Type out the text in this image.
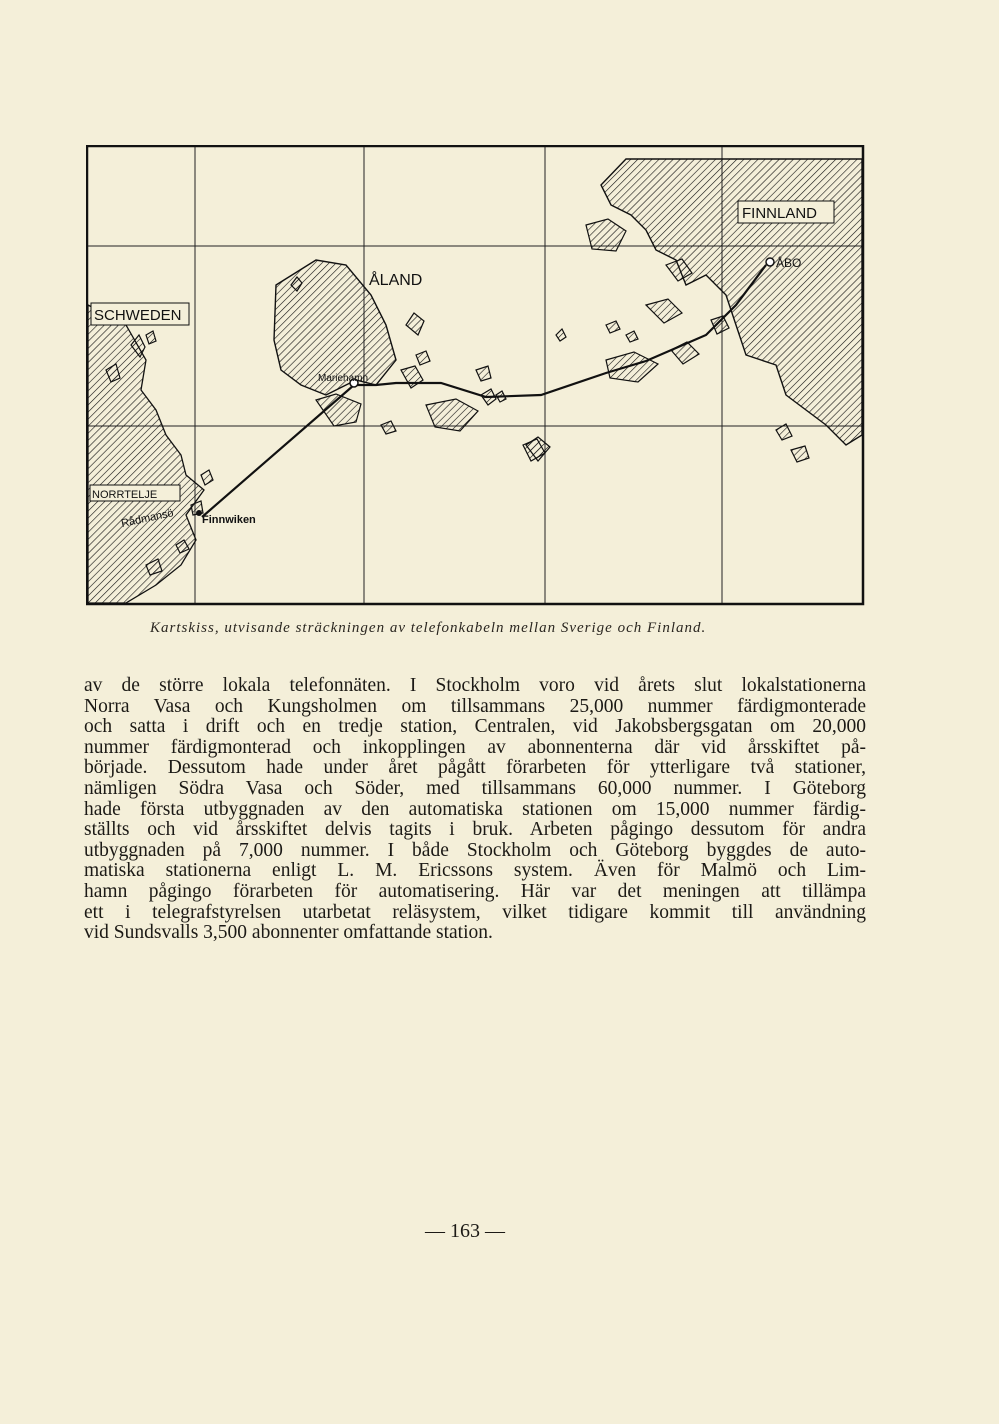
SCHWEDEN
ÅLAND
FINNLAND
ÅBO
Mariehamn
NORRTELJE
Rådmansö Finnwiken
Kartskiss, utvisande sträckningen av telefonkabeln mellan Sverige och Finland.

av de större lokala telefonnäten. I Stockholm voro vid årets slut lokalstationerna
Norra Vasa och Kungsholmen om tillsammans 25,000 nummer färdigmonterade
och satta i drift och en tredje station, Centralen, vid Jakobsbergsgatan om 20,000
nummer färdigmonterad och inkopplingen av abonnenterna där vid årsskiftet på-
började. Dessutom hade under året pågått förarbeten för ytterligare två stationer,
nämligen Södra Vasa och Söder, med tillsammans 60,000 nummer. I Göteborg
hade första utbyggnaden av den automatiska stationen om 15,000 nummer färdig-
ställts och vid årsskiftet delvis tagits i bruk. Arbeten pågingo dessutom för andra
utbyggnaden på 7,000 nummer. I både Stockholm och Göteborg byggdes de auto-
matiska stationerna enligt L. M. Ericssons system. Även för Malmö och Lim-
hamn pågingo förarbeten för automatisering. Här var det meningen att tillämpa
ett i telegrafstyrelsen utarbetat reläsystem, vilket tidigare kommit till användning
vid Sundsvalls 3,500 abonnenter omfattande station.

— 163 —
